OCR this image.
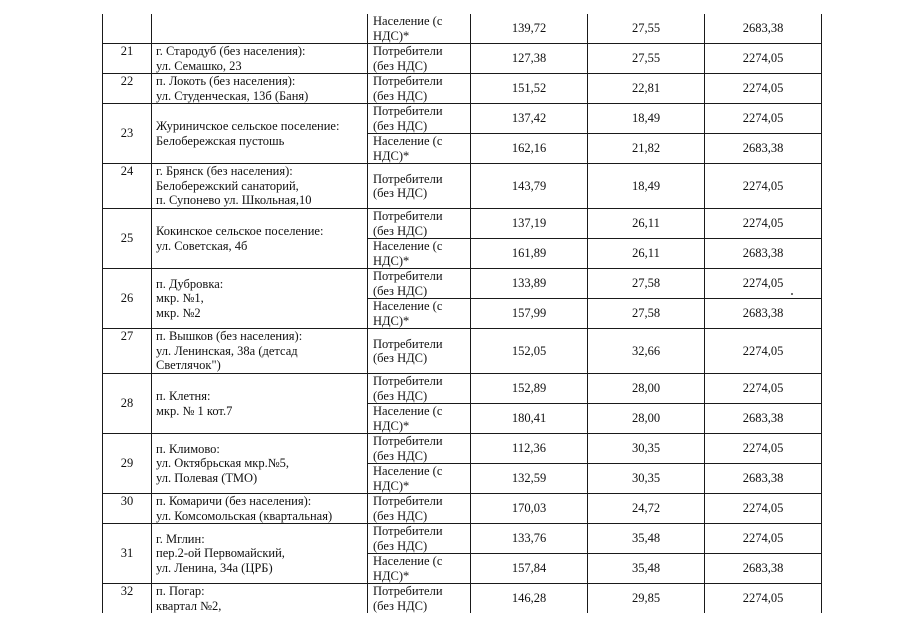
		Население (с
НДС)*	139,72	27,55	2683,38
21	г. Стародуб (без населения):
ул. Семашко, 23	Потребители
(без НДС)	127,38	27,55	2274,05
22	п. Локоть (без населения):
ул. Студенческая, 13б (Баня)	Потребители
(без НДС)	151,52	22,81	2274,05
23	Журиничское сельское поселение:
Белобережская пустошь	Потребители
(без НДС)	137,42	18,49	2274,05
		Население (с
НДС)*	162,16	21,82	2683,38
24	г. Брянск (без населения):
Белобережский санаторий,
п. Супонево ул. Школьная,10	Потребители
(без НДС)	143,79	18,49	2274,05
25	Кокинское сельское поселение:
ул. Советская, 4б	Потребители
(без НДС)	137,19	26,11	2274,05
		Население (с
НДС)*	161,89	26,11	2683,38
26	п. Дубровка:
мкр. №1,
мкр. №2	Потребители
(без НДС)	133,89	27,58	2274,05
		Население (с
НДС)*	157,99	27,58	2683,38
27	п. Вышков (без населения):
ул. Ленинская, 38а (детсад
Светлячок")	Потребители
(без НДС)	152,05	32,66	2274,05
28	п. Клетня:
мкр. № 1 кот.7	Потребители
(без НДС)	152,89	28,00	2274,05
		Население (с
НДС)*	180,41	28,00	2683,38
29	п. Климово:
ул. Октябрьская мкр.№5,
ул. Полевая (ТМО)	Потребители
(без НДС)	112,36	30,35	2274,05
		Население (с
НДС)*	132,59	30,35	2683,38
30	п. Комаричи (без населения):
ул. Комсомольская (квартальная)	Потребители
(без НДС)	170,03	24,72	2274,05
31	г. Мглин:
пер.2-ой Первомайский,
ул. Ленина, 34а (ЦРБ)	Потребители
(без НДС)	133,76	35,48	2274,05
		Население (с
НДС)*	157,84	35,48	2683,38
32	п. Погар:
квартал №2,	Потребители
(без НДС)	146,28	29,85	2274,05
